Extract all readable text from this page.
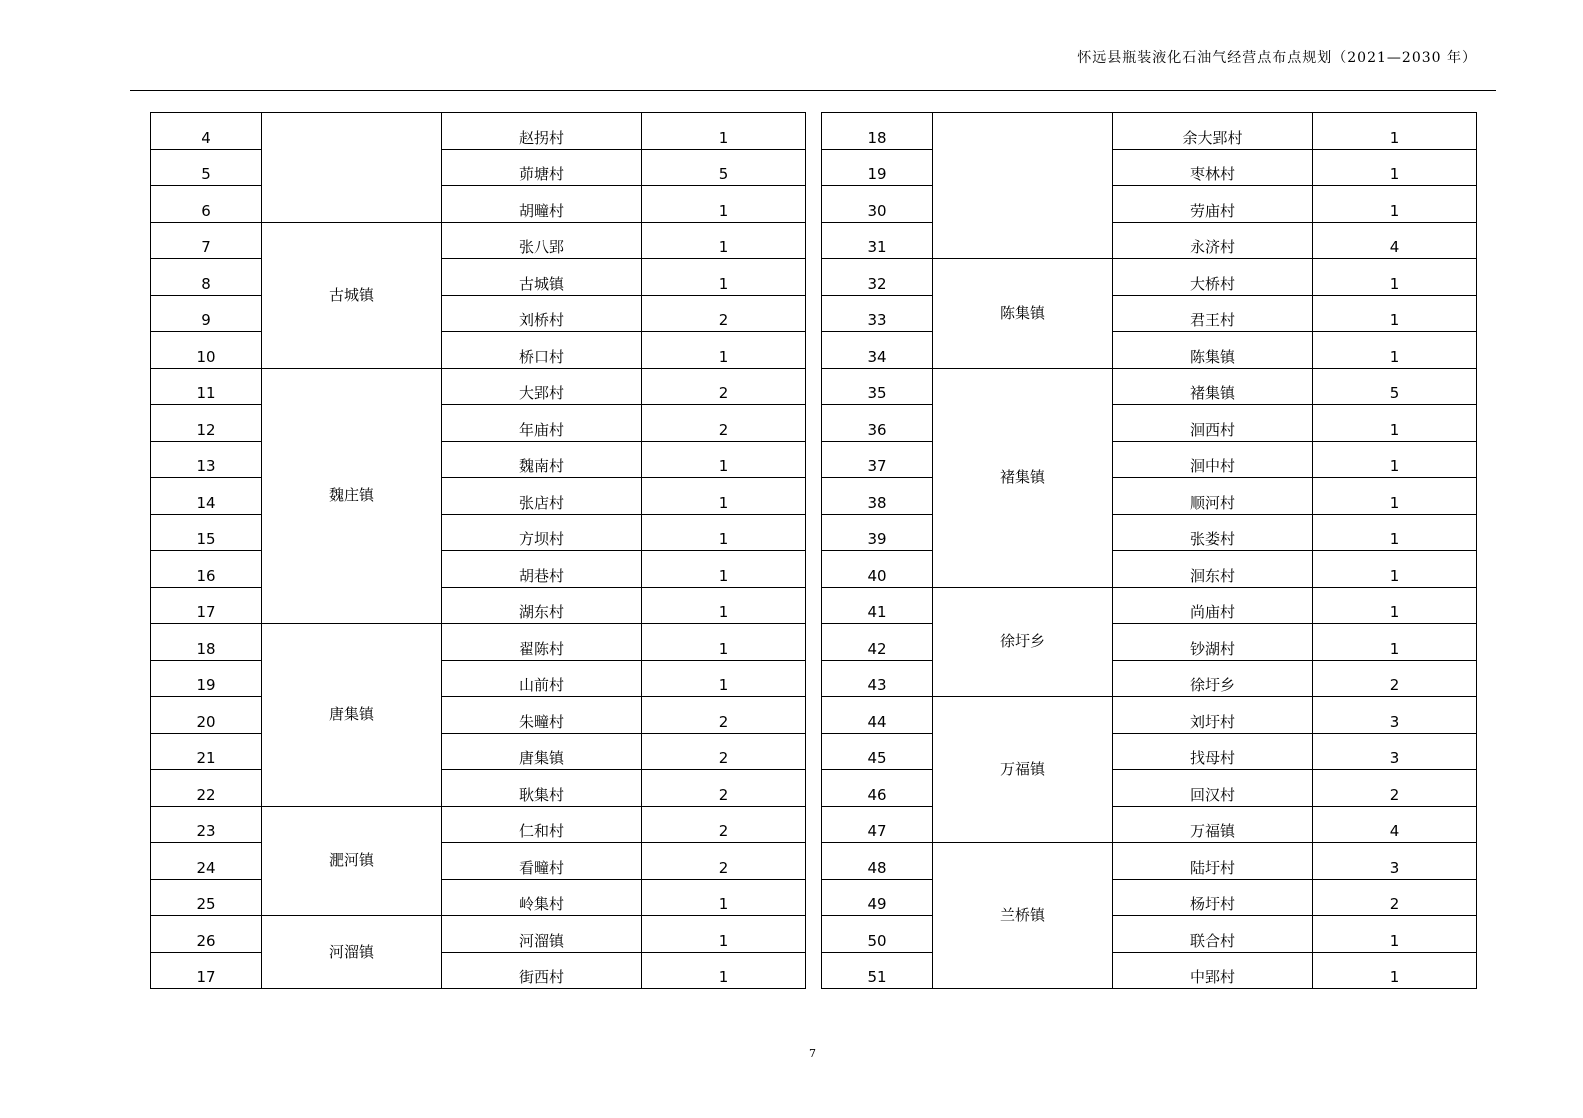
怀远县瓶装液化石油气经营点布点规划（2021—2030 年）
4		赵拐村	1
5		茆塘村	5
6		胡疃村	1
7	古城镇	张八郢	1
8		古城镇	1
9		刘桥村	2
10		桥口村	1
11	魏庄镇	大郢村	2
12		年庙村	2
13		魏南村	1
14		张店村	1
15		方坝村	1
16		胡巷村	1
17		湖东村	1
18	唐集镇	翟陈村	1
19		山前村	1
20		朱疃村	2
21		唐集镇	2
22		耿集村	2
23	淝河镇	仁和村	2
24		看疃村	2
25		岭集村	1
26	河溜镇	河溜镇	1
17		街西村	1
18		余大郢村	1
19		枣林村	1
30		劳庙村	1
31		永济村	4
32	陈集镇	大桥村	1
33		君王村	1
34		陈集镇	1
35	褚集镇	褚集镇	5
36		洄西村	1
37		洄中村	1
38		顺河村	1
39		张娄村	1
40		洄东村	1
41	徐圩乡	尚庙村	1
42		钞湖村	1
43		徐圩乡	2
44	万福镇	刘圩村	3
45		找母村	3
46		回汉村	2
47		万福镇	4
48	兰桥镇	陆圩村	3
49		杨圩村	2
50		联合村	1
51		中郢村	1
7
